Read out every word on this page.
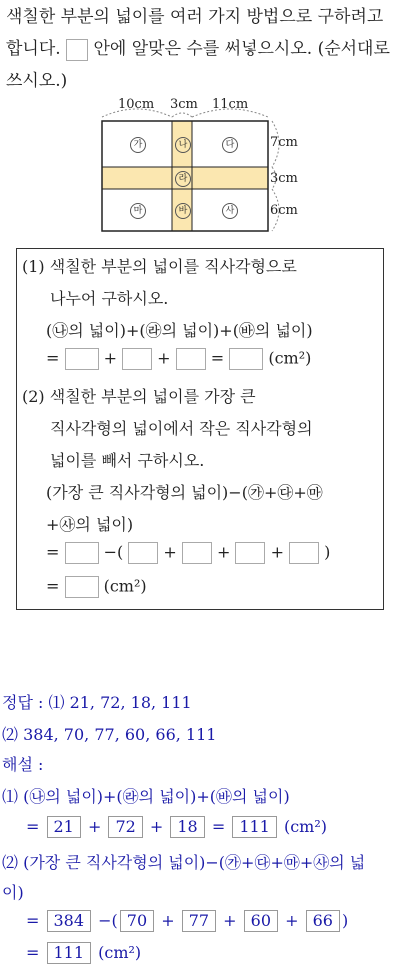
색칠한 부분의 넓이를 여러 가지 방법으로 구하려고
합니다. 안에 알맞은 수를 써넣으시오. (순서대로
쓰시오.)
10cm 3cm 11cm
7cm
3cm
6cm
가	나	다
라
마	바	사
(1) 색칠한 부분의 넓이를 직사각형으로
나누어 구하시오.
(㉯의 넓이)+(㉱의 넓이)+(㉳의 넓이)
=  +  +  =  (cm²)
(2) 색칠한 부분의 넓이를 가장 큰
직사각형의 넓이에서 작은 직사각형의
넓이를 빼서 구하시오.
(가장 큰 직사각형의 넓이)−(㉮+㉰+㉲
+㉴의 넓이)
=  −(  +  +  +  )
=  (cm²)
정답 : ⑴ 21, 72, 18, 111
⑵ 384, 70, 77, 60, 66, 111
해설 :
⑴ (㉯의 넓이)+(㉱의 넓이)+(㉳의 넓이)
= 21 + 72 + 18 = 111 (cm²)
⑵ (가장 큰 직사각형의 넓이)−(㉮+㉰+㉲+㉴의 넓
이)
= 384 −( 70 + 77 + 60 + 66 )
= 111 (cm²)
